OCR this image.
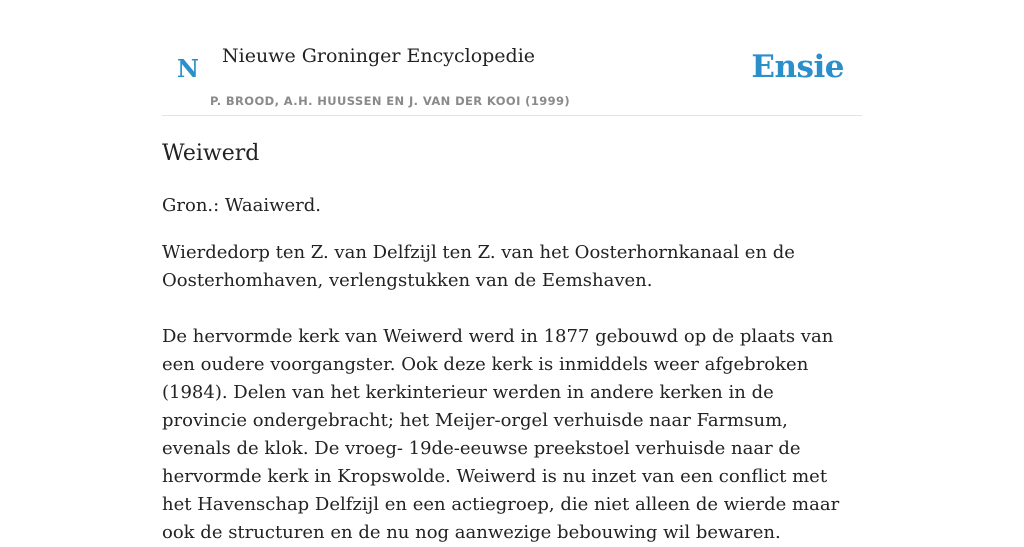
N Nieuwe Groninger Encyclopedie
P. BROOD, A.H. HUUSSEN EN J. VAN DER KOOI (1999)
Ensie
Weiwerd

Gron.: Waaiwerd.

Wierdedorp ten Z. van Delfzijl ten Z. van het Oosterhornkanaal en de Oosterhomhaven, verlengstukken van de Eemshaven.

De hervormde kerk van Weiwerd werd in 1877 gebouwd op de plaats van een oudere voorgangster. Ook deze kerk is inmiddels weer afgebroken (1984). Delen van het kerkinterieur werden in andere kerken in de provincie ondergebracht; het Meijer-orgel verhuisde naar Farmsum, evenals de klok. De vroeg- 19de-eeuwse preekstoel verhuisde naar de hervormde kerk in Kropswolde. Weiwerd is nu inzet van een conflict met het Havenschap Delfzijl en een actiegroep, die niet alleen de wierde maar ook de structuren en de nu nog aanwezige bebouwing wil bewaren.
